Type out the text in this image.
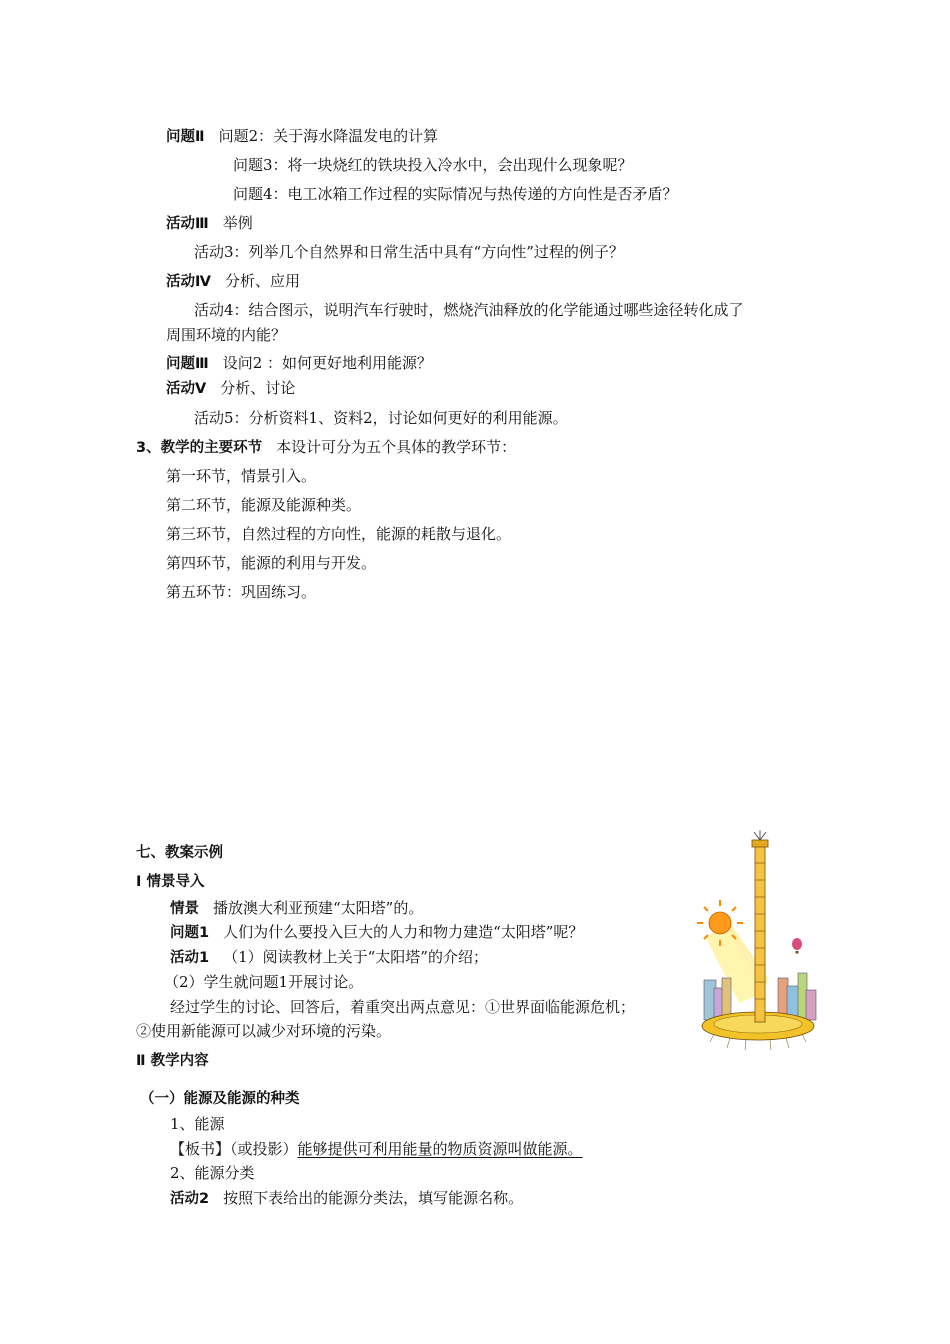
问题Ⅱ 问题2：关于海水降温发电的计算
问题3：将一块烧红的铁块投入冷水中，会出现什么现象呢？
问题4：电工冰箱工作过程的实际情况与热传递的方向性是否矛盾？
活动Ⅲ 举例
活动3：列举几个自然界和日常生活中具有“方向性”过程的例子？
活动Ⅳ 分析、应用
活动4：结合图示，说明汽车行驶时，燃烧汽油释放的化学能通过哪些途径转化成了
周围环境的内能？
问题Ⅲ 设问2 ：如何更好地利用能源？
活动Ⅴ 分析、讨论
活动5：分析资料1、资料2，讨论如何更好的利用能源。
3、教学的主要环节 本设计可分为五个具体的教学环节：
第一环节，情景引入。
第二环节，能源及能源种类。
第三环节，自然过程的方向性，能源的耗散与退化。
第四环节，能源的利用与开发。
第五环节：巩固练习。
七、教案示例
Ⅰ 情景导入
情景 播放澳大利亚预建“太阳塔”的。
问题1 人们为什么要投入巨大的人力和物力建造“太阳塔”呢？
活动1 （1）阅读教材上关于“太阳塔”的介绍；
（2）学生就问题1开展讨论。
经过学生的讨论、回答后，着重突出两点意见：①世界面临能源危机；
②使用新能源可以减少对环境的污染。
Ⅱ 教学内容
（一）能源及能源的种类
1、能源
【板书】（或投影）能够提供可利用能量的物质资源叫做能源。
2、能源分类
活动2 按照下表给出的能源分类法，填写能源名称。
